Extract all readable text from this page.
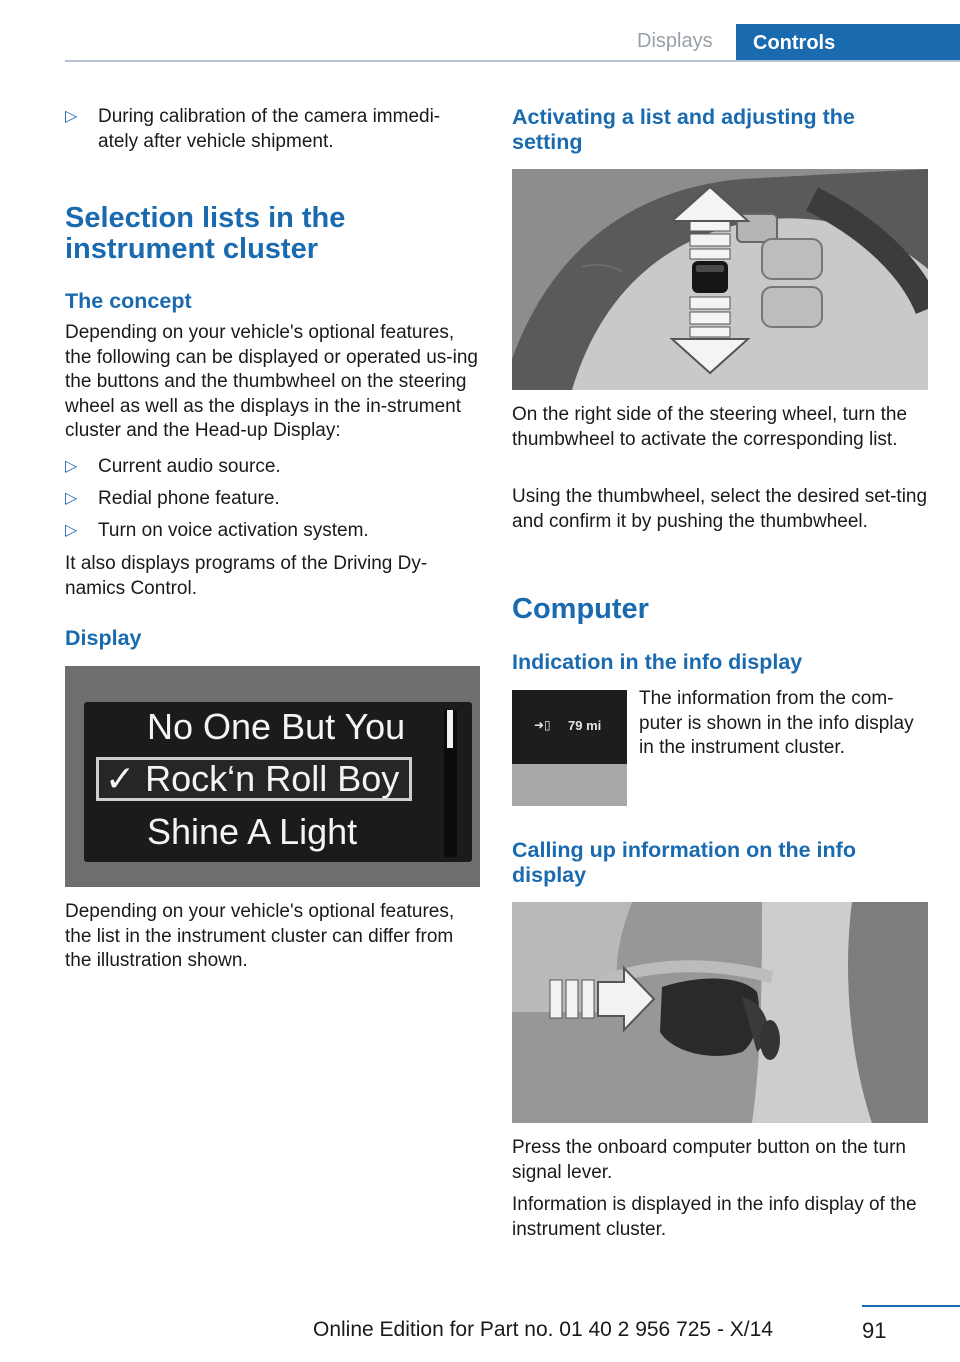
Displays	Controls
▷ During calibration of the camera immedi-
ately after vehicle shipment.
Selection lists in the
instrument cluster
The concept
Depending on your vehicle's optional features, the following can be displayed or operated us-ing the buttons and the thumbwheel on the steering wheel as well as the displays in the in-strument cluster and the Head-up Display:
▷ Current audio source.
▷ Redial phone feature.
▷ Turn on voice activation system.
It also displays programs of the Driving Dy-namics Control.
Display
No One But You
✓ Rock‘n Roll Boy
Shine A Light
Depending on your vehicle's optional features, the list in the instrument cluster can differ from the illustration shown.
Activating a list and adjusting the
setting
On the right side of the steering wheel, turn the thumbwheel to activate the corresponding list.
Using the thumbwheel, select the desired set-ting and confirm it by pushing the thumbwheel.
Computer
Indication in the info display
➜▯ 79 mi
The information from the com-puter is shown in the info display in the instrument cluster.
Calling up information on the info
display
Press the onboard computer button on the turn signal lever.
Information is displayed in the info display of the instrument cluster.
91
Online Edition for Part no. 01 40 2 956 725 - X/14
